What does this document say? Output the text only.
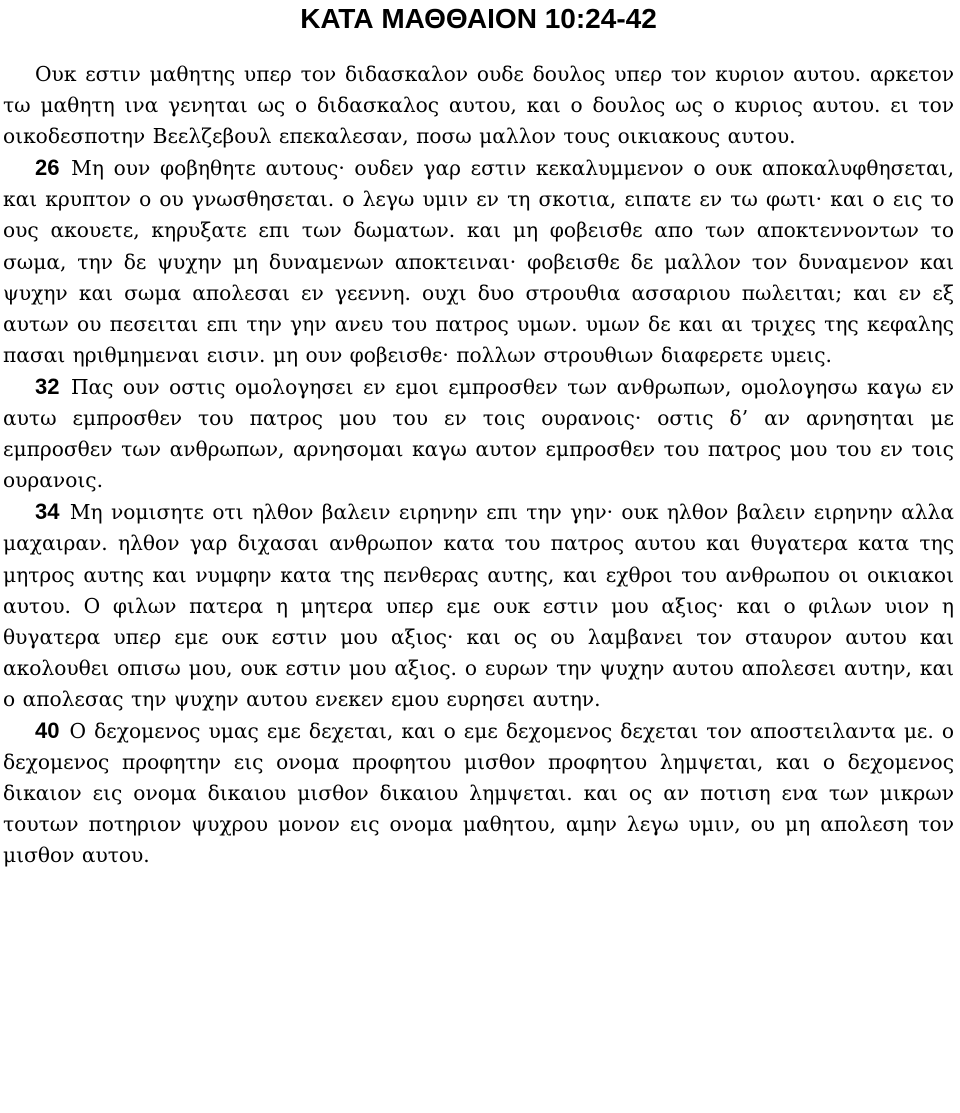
ΚΑΤΑ ΜΑΘΘΑΙΟΝ 10:24-42

Ουκ εστιν μαθητης υπερ τον διδασκαλον ουδε δουλος υπερ τον κυριον αυτου. αρκετον τω μαθητη ινα γενηται ως ο διδασκαλος αυτου, και ο δουλος ως ο κυριος αυτου. ει τον οικοδεσποτην Βεελζεβουλ επεκαλεσαν, ποσω μαλλον τους οικιακους αυτου.

26 Μη ουν φοβηθητε αυτους· ουδεν γαρ εστιν κεκαλυμμενον ο ουκ αποκαλυφθησεται, και κρυπτον ο ου γνωσθησεται. ο λεγω υμιν εν τη σκοτια, ειπατε εν τω φωτι· και ο εις το ους ακουετε, κηρυξατε επι των δωματων. και μη φοβεισθε απο των αποκτεννοντων το σωμα, την δε ψυχην μη δυναμενων αποκτειναι· φοβεισθε δε μαλλον τον δυναμενον και ψυχην και σωμα απολεσαι εν γεεννη. ουχι δυο στρουθια ασσαριου πωλειται; και εν εξ αυτων ου πεσειται επι την γην ανευ του πατρος υμων. υμων δε και αι τριχες της κεφαλης πασαι ηριθμημεναι εισιν. μη ουν φοβεισθε· πολλων στρουθιων διαφερετε υμεις.

32 Πας ουν οστις ομολογησει εν εμοι εμπροσθεν των ανθρωπων, ομολογησω καγω εν αυτω εμπροσθεν του πατρος μου του εν τοις ουρανοις· οστις δ’ αν αρνησηται με εμπροσθεν των ανθρωπων, αρνησομαι καγω αυτον εμπροσθεν του πατρος μου του εν τοις ουρανοις.

34 Μη νομισητε οτι ηλθον βαλειν ειρηνην επι την γην· ουκ ηλθον βαλειν ειρηνην αλλα μαχαιραν. ηλθον γαρ διχασαι ανθρωπον κατα του πατρος αυτου και θυγατερα κατα της μητρος αυτης και νυμφην κατα της πενθερας αυτης, και εχθροι του ανθρωπου οι οικιακοι αυτου. Ο φιλων πατερα η μητερα υπερ εμε ουκ εστιν μου αξιος· και ο φιλων υιον η θυγατερα υπερ εμε ουκ εστιν μου αξιος· και ος ου λαμβανει τον σταυρον αυτου και ακολουθει οπισω μου, ουκ εστιν μου αξιος. ο ευρων την ψυχην αυτου απολεσει αυτην, και ο απολεσας την ψυχην αυτου ενεκεν εμου ευρησει αυτην.

40 Ο δεχομενος υμας εμε δεχεται, και ο εμε δεχομενος δεχεται τον αποστειλαντα με. ο δεχομενος προφητην εις ονομα προφητου μισθον προφητου λημψεται, και ο δεχομενος δικαιον εις ονομα δικαιου μισθον δικαιου λημψεται. και ος αν ποτιση ενα των μικρων τουτων ποτηριον ψυχρου μονον εις ονομα μαθητου, αμην λεγω υμιν, ου μη απολεση τον μισθον αυτου.
